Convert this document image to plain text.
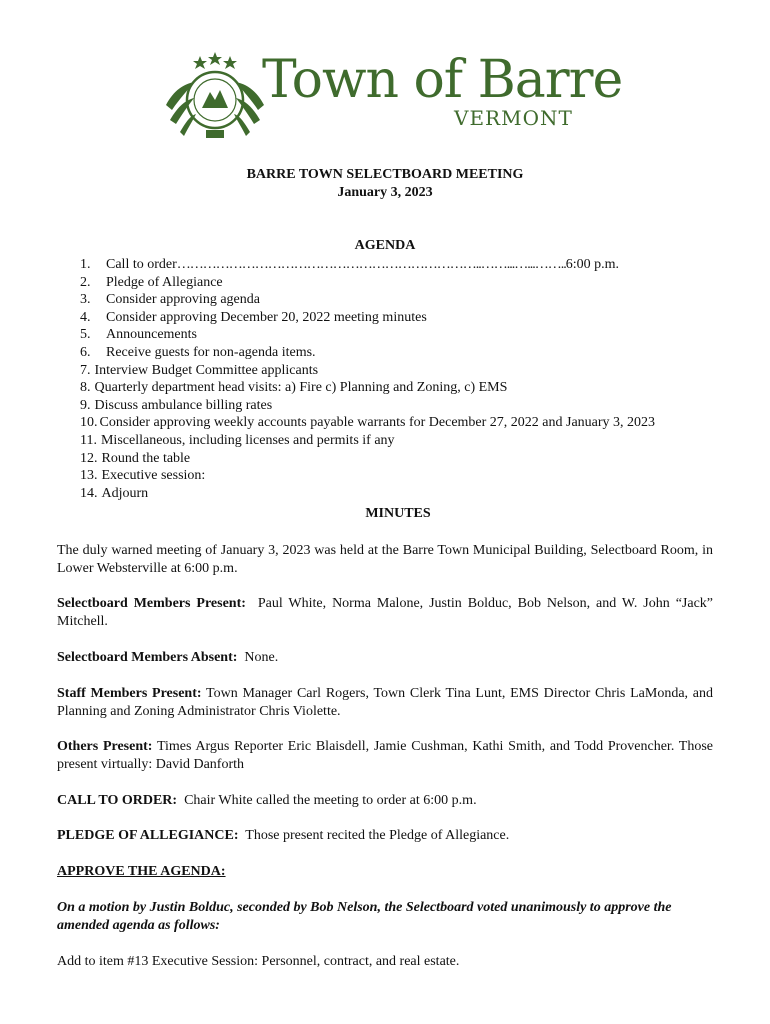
Town of Barre
VERMONT
BARRE TOWN SELECTBOARD MEETING
January 3, 2023
AGENDA
1. Call to order……………………………………………………………..……...…...……..6:00 p.m.
2. Pledge of Allegiance
3. Consider approving agenda
4. Consider approving December 20, 2022 meeting minutes
5. Announcements
6. Receive guests for non-agenda items.
7. Interview Budget Committee applicants
8. Quarterly department head visits: a) Fire c) Planning and Zoning, c) EMS
9. Discuss ambulance billing rates
10. Consider approving weekly accounts payable warrants for December 27, 2022 and January 3, 2023
11. Miscellaneous, including licenses and permits if any
12. Round the table
13. Executive session:
14. Adjourn
MINUTES
The duly warned meeting of January 3, 2023 was held at the Barre Town Municipal Building, Selectboard Room, in Lower Websterville at 6:00 p.m.
Selectboard Members Present: Paul White, Norma Malone, Justin Bolduc, Bob Nelson, and W. John “Jack” Mitchell.
Selectboard Members Absent: None.
Staff Members Present: Town Manager Carl Rogers, Town Clerk Tina Lunt, EMS Director Chris LaMonda, and Planning and Zoning Administrator Chris Violette.
Others Present: Times Argus Reporter Eric Blaisdell, Jamie Cushman, Kathi Smith, and Todd Provencher. Those present virtually: David Danforth
CALL TO ORDER: Chair White called the meeting to order at 6:00 p.m.
PLEDGE OF ALLEGIANCE: Those present recited the Pledge of Allegiance.
APPROVE THE AGENDA:
On a motion by Justin Bolduc, seconded by Bob Nelson, the Selectboard voted unanimously to approve the amended agenda as follows:
Add to item #13 Executive Session: Personnel, contract, and real estate.
